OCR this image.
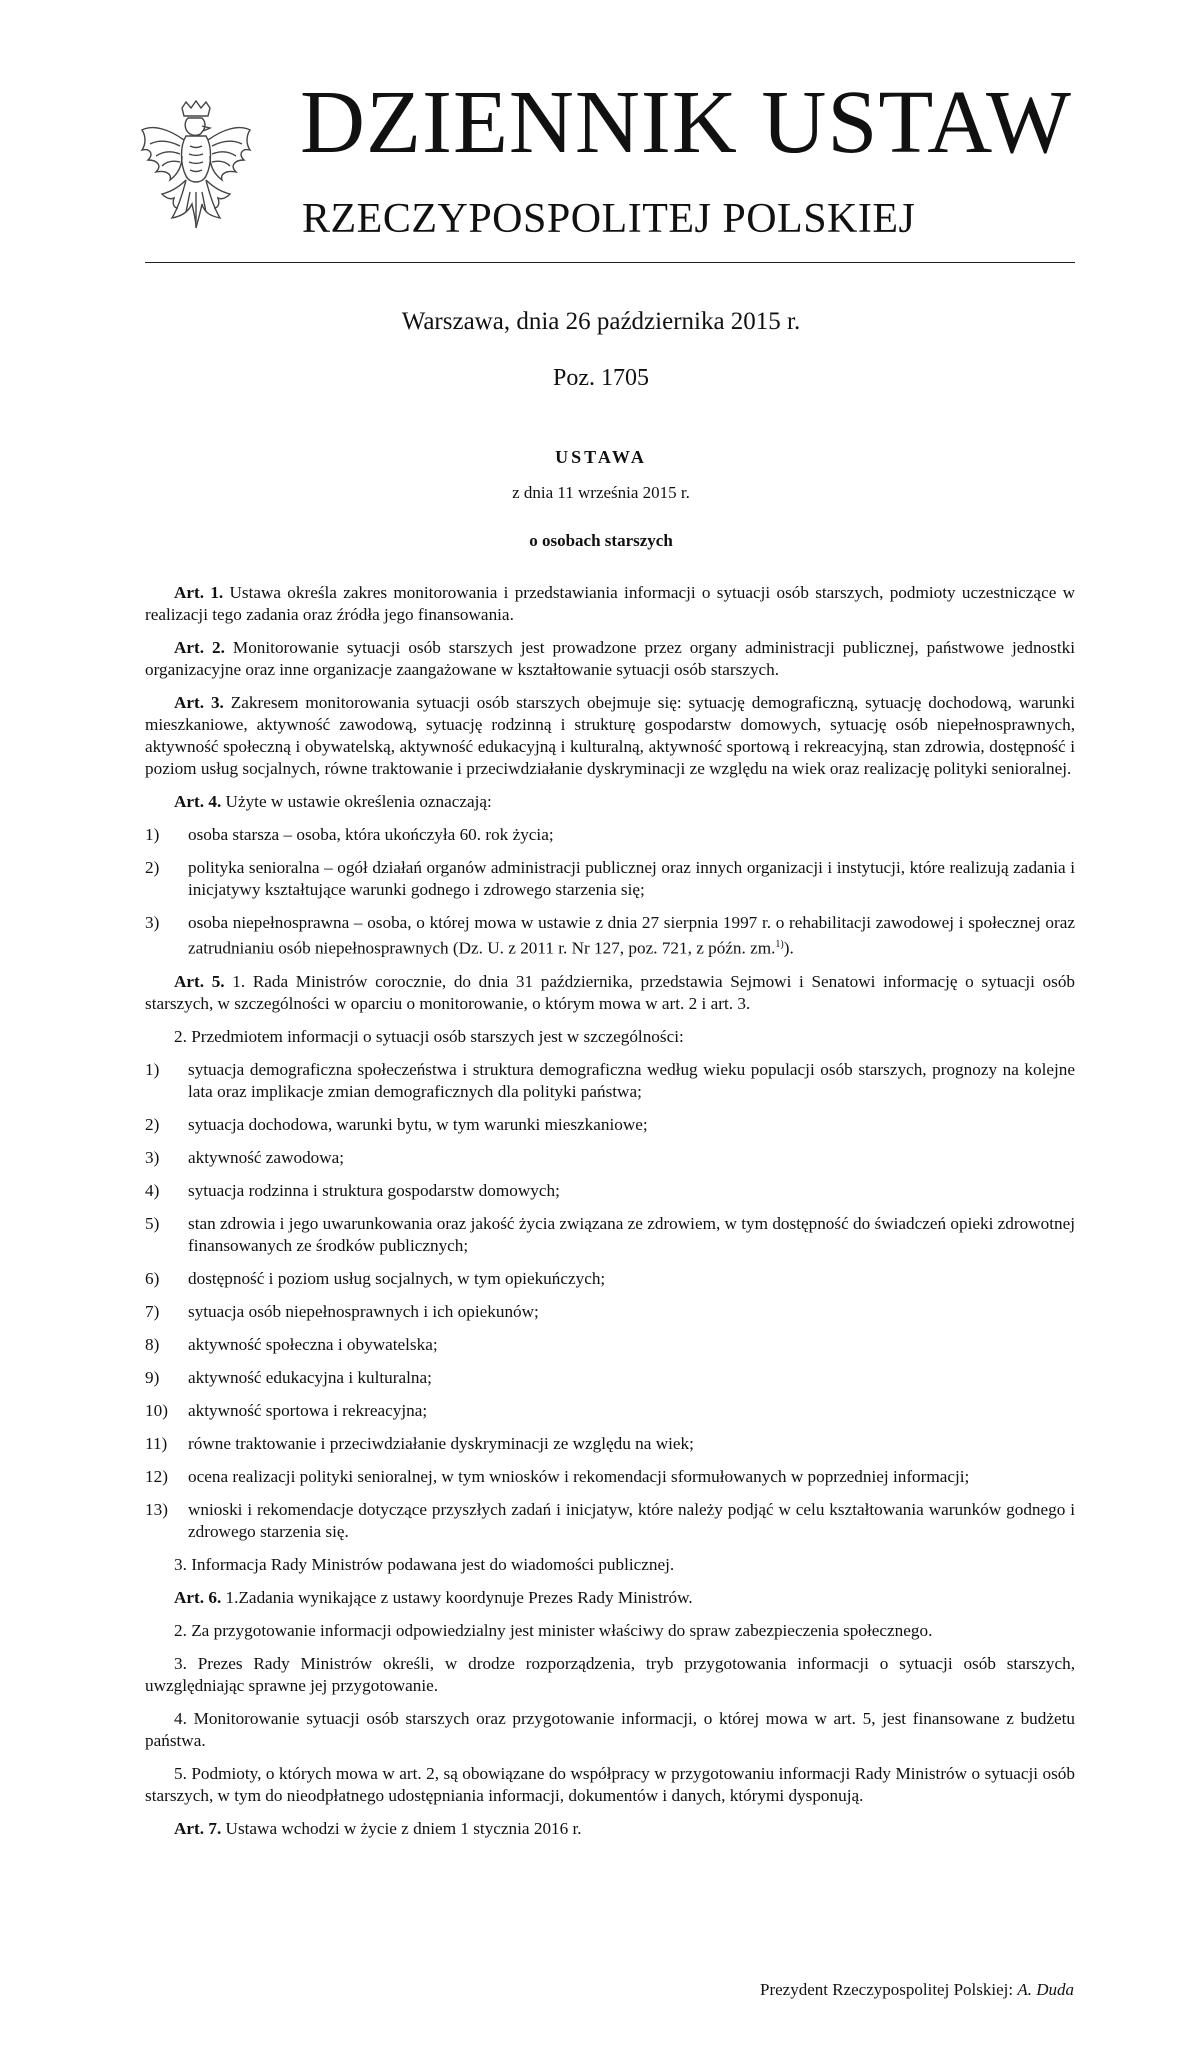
DZIENNIK USTAW
RZECZYPOSPOLITEJ POLSKIEJ
Warszawa, dnia 26 października 2015 r.
Poz. 1705
USTAWA
z dnia 11 września 2015 r.
o osobach starszych

Art. 1. Ustawa określa zakres monitorowania i przedstawiania informacji o sytuacji osób starszych, podmioty uczestniczące w realizacji tego zadania oraz źródła jego finansowania.

Art. 2. Monitorowanie sytuacji osób starszych jest prowadzone przez organy administracji publicznej, państwowe jednostki organizacyjne oraz inne organizacje zaangażowane w kształtowanie sytuacji osób starszych.

Art. 3. Zakresem monitorowania sytuacji osób starszych obejmuje się: sytuację demograficzną, sytuację dochodową, warunki mieszkaniowe, aktywność zawodową, sytuację rodzinną i strukturę gospodarstw domowych, sytuację osób niepełnosprawnych, aktywność społeczną i obywatelską, aktywność edukacyjną i kulturalną, aktywność sportową i rekreacyjną, stan zdrowia, dostępność i poziom usług socjalnych, równe traktowanie i przeciwdziałanie dyskryminacji ze względu na wiek oraz realizację polityki senioralnej.

Art. 4. Użyte w ustawie określenia oznaczają:

1) osoba starsza – osoba, która ukończyła 60. rok życia;
2) polityka senioralna – ogół działań organów administracji publicznej oraz innych organizacji i instytucji, które realizują zadania i inicjatywy kształtujące warunki godnego i zdrowego starzenia się;
3) osoba niepełnosprawna – osoba, o której mowa w ustawie z dnia 27 sierpnia 1997 r. o rehabilitacji zawodowej i społecznej oraz zatrudnianiu osób niepełnosprawnych (Dz. U. z 2011 r. Nr 127, poz. 721, z późn. zm.$^{1)}$).

Art. 5. 1. Rada Ministrów corocznie, do dnia 31 października, przedstawia Sejmowi i Senatowi informację o sytuacji osób starszych, w szczególności w oparciu o monitorowanie, o którym mowa w art. 2 i art. 3.

2. Przedmiotem informacji o sytuacji osób starszych jest w szczególności:

1) sytuacja demograficzna społeczeństwa i struktura demograficzna według wieku populacji osób starszych, prognozy na kolejne lata oraz implikacje zmian demograficznych dla polityki państwa;
2) sytuacja dochodowa, warunki bytu, w tym warunki mieszkaniowe;
3) aktywność zawodowa;
4) sytuacja rodzinna i struktura gospodarstw domowych;
5) stan zdrowia i jego uwarunkowania oraz jakość życia związana ze zdrowiem, w tym dostępność do świadczeń opieki zdrowotnej finansowanych ze środków publicznych;
6) dostępność i poziom usług socjalnych, w tym opiekuńczych;
7) sytuacja osób niepełnosprawnych i ich opiekunów;
8) aktywność społeczna i obywatelska;
9) aktywność edukacyjna i kulturalna;
10) aktywność sportowa i rekreacyjna;
11) równe traktowanie i przeciwdziałanie dyskryminacji ze względu na wiek;
12) ocena realizacji polityki senioralnej, w tym wniosków i rekomendacji sformułowanych w poprzedniej informacji;
13) wnioski i rekomendacje dotyczące przyszłych zadań i inicjatyw, które należy podjąć w celu kształtowania warunków godnego i zdrowego starzenia się.

3. Informacja Rady Ministrów podawana jest do wiadomości publicznej.

Art. 6. 1.Zadania wynikające z ustawy koordynuje Prezes Rady Ministrów.

2. Za przygotowanie informacji odpowiedzialny jest minister właściwy do spraw zabezpieczenia społecznego.

3. Prezes Rady Ministrów określi, w drodze rozporządzenia, tryb przygotowania informacji o sytuacji osób starszych, uwzględniając sprawne jej przygotowanie.

4. Monitorowanie sytuacji osób starszych oraz przygotowanie informacji, o której mowa w art. 5, jest finansowane z budżetu państwa.

5. Podmioty, o których mowa w art. 2, są obowiązane do współpracy w przygotowaniu informacji Rady Ministrów o sytuacji osób starszych, w tym do nieodpłatnego udostępniania informacji, dokumentów i danych, którymi dysponują.

Art. 7. Ustawa wchodzi w życie z dniem 1 stycznia 2016 r.

Prezydent Rzeczypospolitej Polskiej: A. Duda
